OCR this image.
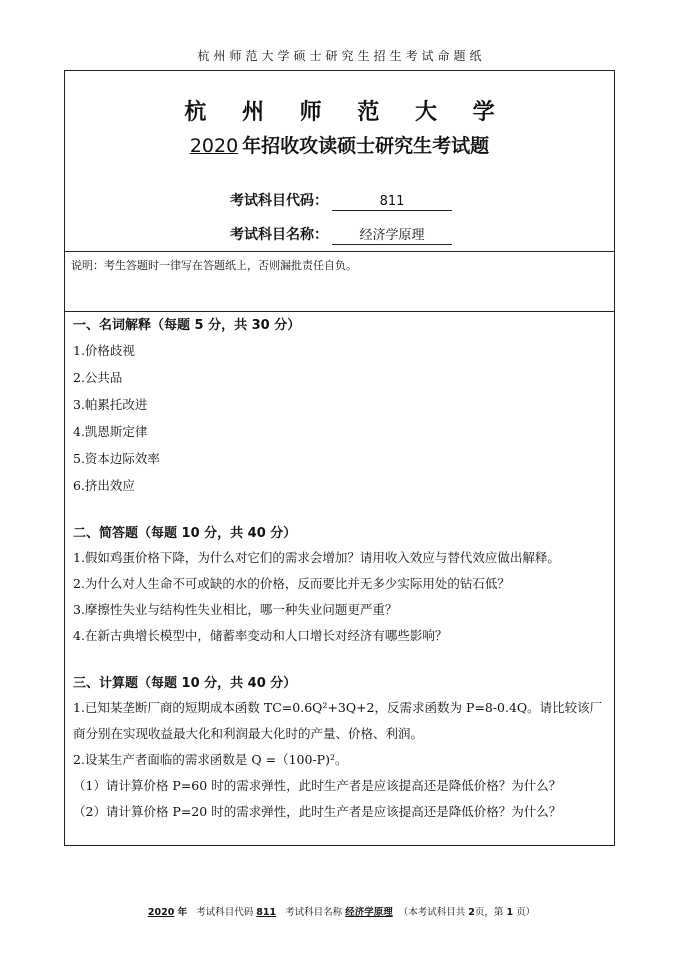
杭州师范大学硕士研究生招生考试命题纸
杭 州 师 范 大 学
2020 年招收攻读硕士研究生考试题
考试科目代码：	811
考试科目名称： 经济学原理
说明：考生答题时一律写在答题纸上，否则漏批责任自负。
一、名词解释（每题 5 分，共 30 分）
1.价格歧视
2.公共品
3.帕累托改进
4.凯恩斯定律
5.资本边际效率
6.挤出效应
二、简答题（每题 10 分，共 40 分）
1.假如鸡蛋价格下降，为什么对它们的需求会增加？请用收入效应与替代效应做出解释。
2.为什么对人生命不可或缺的水的价格，反而要比并无多少实际用处的钻石低？
3.摩擦性失业与结构性失业相比，哪一种失业问题更严重？
4.在新古典增长模型中，储蓄率变动和人口增长对经济有哪些影响？
三、计算题（每题 10 分，共 40 分）
1.已知某垄断厂商的短期成本函数 TC=0.6Q²+3Q+2，反需求函数为 P=8-0.4Q。请比较该厂
商分别在实现收益最大化和利润最大化时的产量、价格、利润。
2.设某生产者面临的需求函数是 Q =（100-P)²。
（1）请计算价格 P=60 时的需求弹性，此时生产者是应该提高还是降低价格？为什么？
（2）请计算价格 P=20 时的需求弹性，此时生产者是应该提高还是降低价格？为什么？
2020 年 考试科目代码 811 考试科目名称 经济学原理 （本考试科目共 2页，第 1 页）
